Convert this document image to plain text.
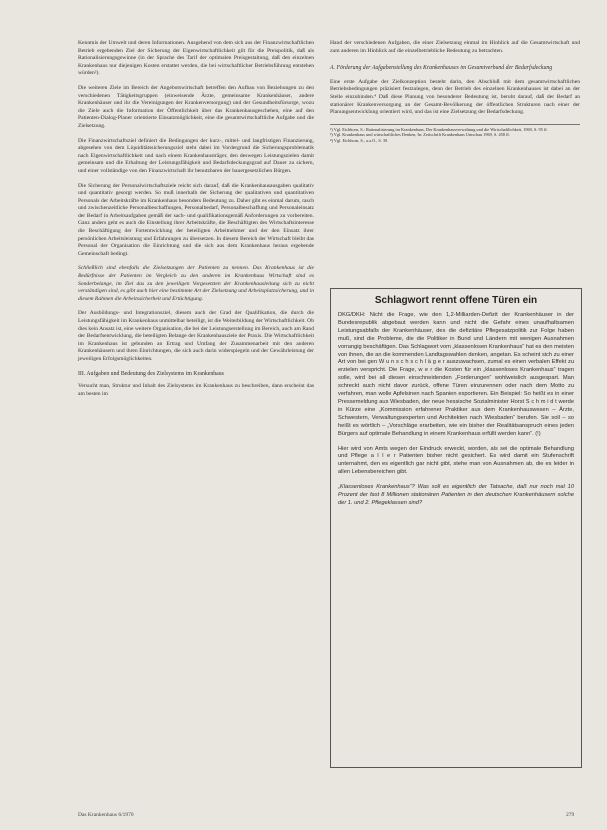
Kenntnis der Umwelt und deren Informationen. Ausgehend von dem sich aus der Finanzwirtschaftlichen Betrieb ergebenden Ziel der Sicherung der Eigenwirtschaftlichkeit gilt für die Preispolitik, daß als Rationalisierungsgewinne (in der Sprache des Tarif der optimalen Preisgestaltung, daß den einzelnen Krankenhaus nur diejenigen Kosten erstattet werden, die bei wirtschaftlicher Betriebsführung entstehen würden²).

Die weiteren Ziele im Bereich der Angebotswirtschaft betreffen den Aufbau von Beziehungen zu den verschiedenen Tätigkeitsgruppen (einweisende Ärzte, gemeinsame Krankenhäuser, andere Krankenhäuser und ihr die Vereinigungen der Krankenversorgung) und der Gesundheitsfürsorge, wozu die Ziele auch die Information der Öffentlichkeit über das Krankenhausgeschehen, eine auf den Patienten-Dialog-Planer orientierte Einsatzmöglichkeit, eine die gesamtwirtschaftliche Aufgabe und die Zielsetzung.

Die Finanzwirtschaftsziel definiert die Bedingungen der kurz-, mittel- und langfristigen Finanzierung, abgesehen von dem Liquiditätssicherungsziel steht dabei im Vordergrund die Sicherungsproblematik nach Eigenwirtschaftlichkeit und nach einem Krankenhausträger, den deswegen Leistungszielen damit gemeinsam und die Erhaltung der Leistungsfähigkeit und Bedarfsdeckungsgrad auf Dauer zu sichern, und einer vollständige von den Finanzwirtschaft ihr benutzbaren der bauergesetzlichen Bürgen.

Die Sicherung der Personalwirtschaftsziele reicht sich darauf, daß die Krankenhausausgaben qualitativ und quantitativ gesorgt werden. So muß innerhalb der Sicherung der qualitativen und quantitativen Personals der Arbeitskräfte im Krankenhaus besonders Bedeutung zu. Daher gibt es einmal darum, rasch und zwischenzeitliche Personalbeschaffungen, Personalbedarf, Personalbeschaffung und Personaleinsatz der Bedarf in Arbeitsaufgaben gemäß der sach- und qualifikationsgemäß Anforderungen zu vorbereiten. Ganz anders geht es auch die Einstellung ihrer Arbeitskräfte, die Beschäftigten des Wirtschaftsinteresse die Beschäftigung der Fortentwicklung der beteiligten Arbeitnehmer und der den Einsatz ihrer persönlichen Arbeitsleistung und Erfahrungen zu übersetzen. In diesem Bereich der Wirtschaft bleibt das Personal der Organisation die Einrichtung und die sich aus dem Krankenhaus heraus ergebende Gemeinschaft bedingt.

Schließlich sind ebenfalls die Zielsetzungen der Patienten zu nennen. Das Krankenhaus ist die Bedürfnisse der Patienten im Vergleich zu den anderen im Krankenhaus Wirtschaft sind es Sonderbelange, im Ziel das zu den jeweiligen Vorgesetzten der Krankenhausleitung sich zu nicht verständigen sind, es gibt auch hier eine bestimmte Art der Zielsetzung und Arbeitsplatzsicherung, und in diesem Rahmen die Arbeitssicherheit und Ertüchtigung.

Der Ausbildungs- und Integrationsziel, diesem auch der Grad der Qualifikation, die durch die Leistungsfähigkeit im Krankenhaus unmittelbar beteiligt, ist die Weiterbildung der Wirtschaftlichkeit. Ob dies kein Ansatz ist, eine weitere Organisation, die bei der Leistungserstellung im Bereich, auch am Rand der Bedarfsentwicklung, die beteiligten Belange der Krankenhausziele der Praxis. Die Wirtschaftlichkeit im Krankenhaus ist gebunden an Ertrag und Umfang der Zusammenarbeit mit den anderen Krankenhäusern und ihren Einrichtungen, die sich auch darin widerspiegeln und der Gewährleistung der jeweiligen Erfolgsmöglichkeiten.

III. Aufgaben und Bedeutung des Zielsystems im Krankenhaus

Versucht man, Struktur und Inhalt des Zielsystems im Krankenhaus zu beschreiben, dann erscheint das am besten im

Hand der verschiedenen Aufgaben, die einer Zielsetzung einmal im Hinblick auf die Gesamtwirtschaft und zum anderen im Hinblick auf die einzelbetriebliche Bedeutung zu betrachten.

A. Förderung der Aufgabenstellung des Krankenhauses im Gesamtverbund der Bedarfsdeckung

Eine erste Aufgabe der Zielkonzeption besteht darin, den Abschluß mit dem gesamtwirtschaftlichen Betriebsbedingungen präzisiert festzulegen, denn der Betrieb des einzelnen Krankenhauses ist dabei an der Stelle einzubinden.⁴ Daß diese Planung von besonderer Bedeutung ist, beruht darauf, daß der Bedarf an stationärer Krankenversorgung an der Gesamt-Bevölkerung der öffentlichen Strukturen nach einer der Planungsentwicklung orientiert wird, und das ist eine Zielsetzung der Bedarfsdeckung.

²) Vgl. Eichhorn, S.: Rationalisierung im Krankenhaus, Der Krankenhausverwaltung und die Wirtschaftlichkeit, 1969, S. 95 ff.
³) Vgl. Krankenhaus und wirtschaftliches Denken, In: Zeitschrift Krankenhaus Umschau 1969, S. 458 ff.
⁴) Vgl. Eichhorn, S., a.a.O., S. 39.
Schlagwort rennt offene Türen ein

DKG/DKH: Nicht die Frage, wie den 1,2-Milliarden-Defizit der Krankenhäuser in der Bundesrepublik abgebaut werden kann und nicht die Gefahr eines unaufhaltsamen Leistungsabfalls der Krankenhäuser, des die defizitäre Pflegesatzpolitik zur Folge haben muß, sind die Probleme, die die Politiker in Bund und Ländern mit wenigen Ausnahmen vorrangig beschäftigen. Das Schlagwort vom „klassenlosen Krankenhaus“ hat es den meisten von ihnen, die an die kommenden Landtagswahlen denken, angetan. Es scheint sich zu einer Art von bei gen W u n s c h s c h l ä g e r auszuwachsen, zumal es einen verbalen Effekt zu erzielen verspricht. Die Frage, w e r die Kosten für ein „klassenloses Krankenhaus“ tragen solle, wird bei all diesen einschneidenden „Forderungen“ wohlweislich ausgespart. Man schreckt auch nicht davor zurück, offene Türen einzurennen oder nach dem Motto zu verfahren, man wolle Apfelsinen nach Spanien exportieren. Ein Beispiel: So heißt es in einer Pressemeldung aus Wiesbaden, der neue hessische Sozialminister Horst S c h m i d t werde in Kürze eine „Kommission erfahrener Praktiker aus dem Krankenhauswesen – Ärzte, Schwestern, Verwaltungsexperten und Architekten nach Wiesbaden“ berufen. Sie soll – so heißt es wörtlich – „Vorschläge erarbeiten, wie ein bisher der Realitätsanspruch eines jeden Bürgers auf optimale Behandlung in einem Krankenhaus erfüllt werden kann“. (!)

Hier wird von Amts wegen der Eindruck erweckt, worden, als sei die optimale Behandlung und Pflege a l l e r Patienten bisher nicht gesichert. Es wird damit ein Stufenschrift unternahmt, den es eigentlich gar nicht gibt, stehe man von Ausnahmen ab, die es leider in allen Lebensbereichen gibt.

„Klassenloses Krankenhaus“? Was soll es eigentlich der Tatsache, daß nur noch mal 10 Prozent der fast 8 Millionen stationären Patienten in den deutschen Krankenhäusern solche der 1. und 2. Pflegeklassen sind?

Das Krankenhaus 6/1970	279
